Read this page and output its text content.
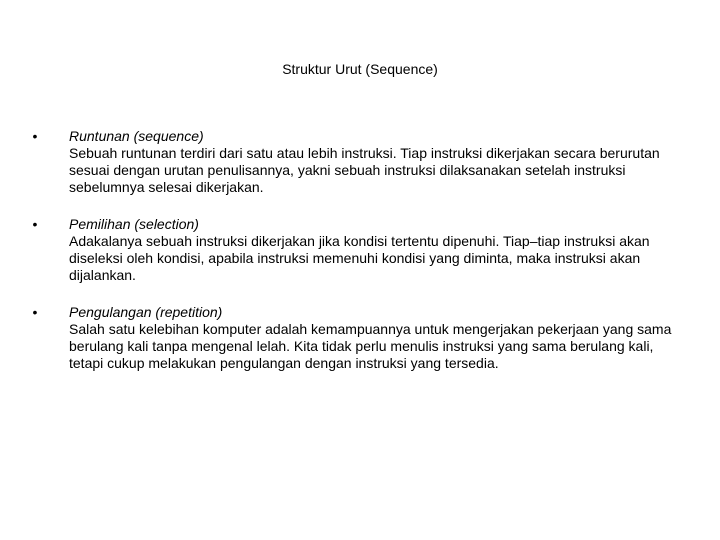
Struktur Urut (Sequence)
• Runtunan (sequence)
Sebuah runtunan terdiri dari satu atau lebih instruksi. Tiap instruksi dikerjakan secara berurutan sesuai dengan urutan penulisannya, yakni sebuah instruksi dilaksanakan setelah instruksi sebelumnya selesai dikerjakan.
• Pemilihan (selection)
Adakalanya sebuah instruksi dikerjakan jika kondisi tertentu dipenuhi. Tiap–tiap instruksi akan diseleksi oleh kondisi, apabila instruksi memenuhi kondisi yang diminta, maka instruksi akan dijalankan.
• Pengulangan (repetition)
Salah satu kelebihan komputer adalah kemampuannya untuk mengerjakan pekerjaan yang sama berulang kali tanpa mengenal lelah. Kita tidak perlu menulis instruksi yang sama berulang kali, tetapi cukup melakukan pengulangan dengan instruksi yang tersedia.
